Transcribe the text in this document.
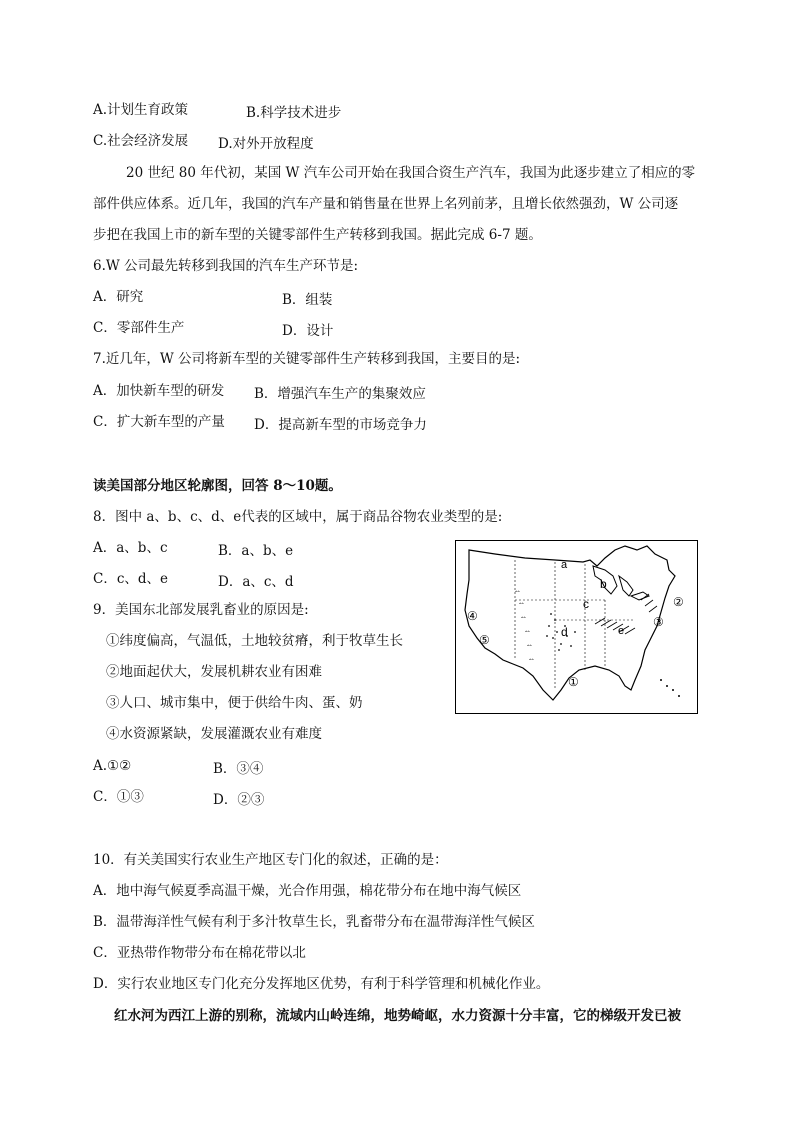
A.计划生育政策	B.科学技术进步
C.社会经济发展 D.对外开放程度
20 世纪 80 年代初，某国 W 汽车公司开始在我国合资生产汽车，我国为此逐步建立了相应的零
部件供应体系。近几年，我国的汽车产量和销售量在世界上名列前茅，且增长依然强劲，W 公司逐
步把在我国上市的新车型的关键零部件生产转移到我国。据此完成 6-7 题。
6.W 公司最先转移到我国的汽车生产环节是:
A．研究	B．组装
C．零部件生产	D．设计
7.近几年，W 公司将新车型的关键零部件生产转移到我国，主要目的是:
A．加快新车型的研发 B．增强汽车生产的集聚效应
C．扩大新车型的产量 D．提高新车型的市场竞争力
读美国部分地区轮廓图，回答 8～10题。
8．图中 a、b、c、d、e代表的区域中，属于商品谷物农业类型的是:
A．a、b、c	B．a、b、e
C．c、d、e	D．a、c、d
9．美国东北部发展乳畜业的原因是:
①纬度偏高，气温低，土地较贫瘠，利于牧草生长
②地面起伏大，发展机耕农业有困难
③人口、城市集中，便于供给牛肉、蛋、奶
④水资源紧缺，发展灌溉农业有难度
A.①②	B．③④
C．①③	D．②③
10．有关美国实行农业生产地区专门化的叙述，正确的是：
A．地中海气候夏季高温干燥，光合作用强，棉花带分布在地中海气候区
B．温带海洋性气候有利于多汁牧草生长，乳畜带分布在温带海洋性气候区
C．亚热带作物带分布在棉花带以北
D．实行农业地区专门化充分发挥地区优势，有利于科学管理和机械化作业。
红水河为西江上游的别称，流域内山岭连绵，地势崎岖，水力资源十分丰富，它的梯级开发已被
‸‸
‸‸
‸‸
‸‸
‸‸
‸‸
a
b
c
d	e
①
②
③
④
⑤
